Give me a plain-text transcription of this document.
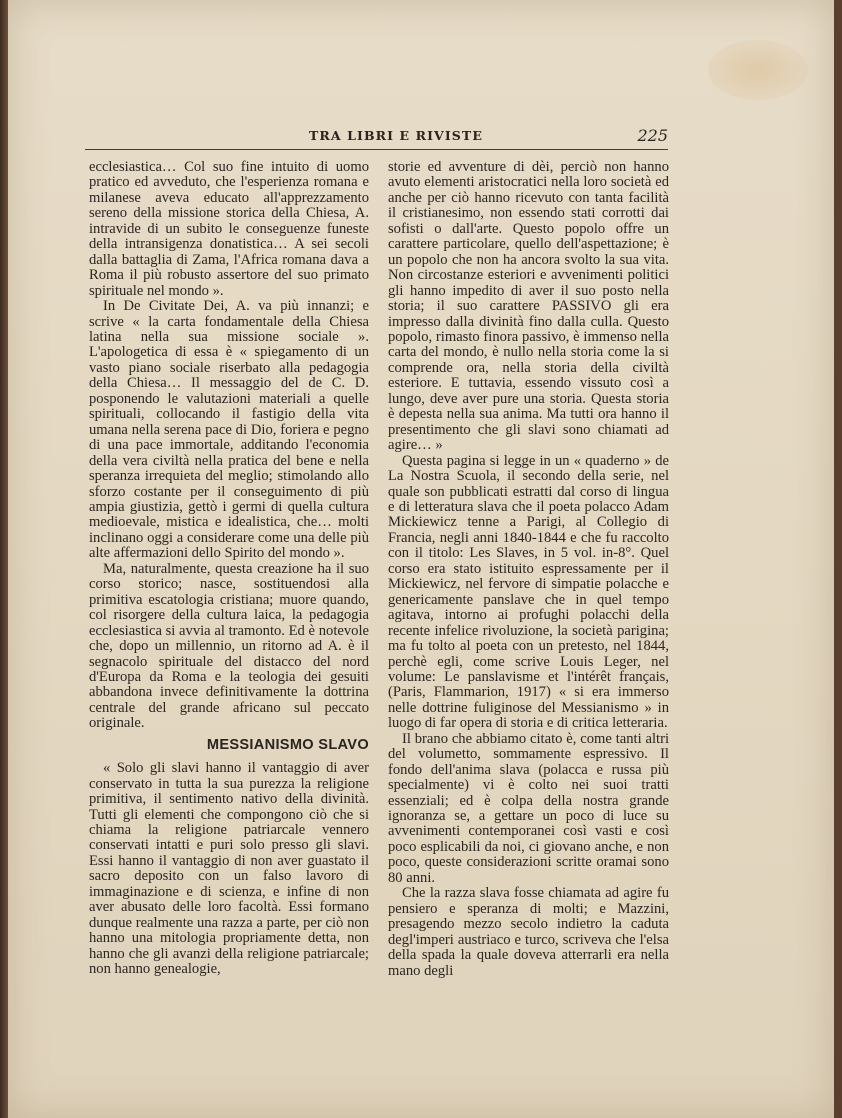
TRA LIBRI E RIVISTE	225

ecclesiastica… Col suo fine intuito di uomo pratico ed avveduto, che l'esperienza romana e milanese aveva educato all'apprezzamento sereno della missione storica della Chiesa, A. intravide di un subito le conseguenze funeste della intransigenza donatistica… A sei secoli dalla battaglia di Zama, l'Africa romana dava a Roma il più robusto assertore del suo primato spirituale nel mondo ».

In De Civitate Dei, A. va più innanzi; e scrive « la carta fondamentale della Chiesa latina nella sua missione sociale ». L'apologetica di essa è « spiegamento di un vasto piano sociale riserbato alla pedagogia della Chiesa… Il messaggio del de C. D. posponendo le valutazioni materiali a quelle spirituali, collocando il fastigio della vita umana nella serena pace di Dio, foriera e pegno di una pace immortale, additando l'economia della vera civiltà nella pratica del bene e nella speranza irrequieta del meglio; stimolando allo sforzo costante per il conseguimento di più ampia giustizia, gettò i germi di quella cultura medioevale, mistica e idealistica, che… molti inclinano oggi a considerare come una delle più alte affermazioni dello Spirito del mondo ».

Ma, naturalmente, questa creazione ha il suo corso storico; nasce, sostituendosi alla primitiva escatologia cristiana; muore quando, col risorgere della cultura laica, la pedagogia ecclesiastica si avvia al tramonto. Ed è notevole che, dopo un millennio, un ritorno ad A. è il segnacolo spirituale del distacco del nord d'Europa da Roma e la teologia dei gesuiti abbandona invece definitivamente la dottrina centrale del grande africano sul peccato originale.

MESSIANISMO SLAVO

« Solo gli slavi hanno il vantaggio di aver conservato in tutta la sua purezza la religione primitiva, il sentimento nativo della divinità. Tutti gli elementi che compongono ciò che si chiama la religione patriarcale vennero conservati intatti e puri solo presso gli slavi. Essi hanno il vantaggio di non aver guastato il sacro deposito con un falso lavoro di immaginazione e di scienza, e infine di non aver abusato delle loro facoltà. Essi formano dunque realmente una razza a parte, per ciò non hanno una mitologia propriamente detta, non hanno che gli avanzi della religione patriarcale; non hanno genealogie,

storie ed avventure di dèi, perciò non hanno avuto elementi aristocratici nella loro società ed anche per ciò hanno ricevuto con tanta facilità il cristianesimo, non essendo stati corrotti dai sofisti o dall'arte. Questo popolo offre un carattere particolare, quello dell'aspettazione; è un popolo che non ha ancora svolto la sua vita. Non circostanze esteriori e avvenimenti politici gli hanno impedito di aver il suo posto nella storia; il suo carattere PASSIVO gli era impresso dalla divinità fino dalla culla. Questo popolo, rimasto finora passivo, è immenso nella carta del mondo, è nullo nella storia come la si comprende ora, nella storia della civiltà esteriore. E tuttavia, essendo vissuto così a lungo, deve aver pure una storia. Questa storia è depesta nella sua anima. Ma tutti ora hanno il presentimento che gli slavi sono chiamati ad agire… »

Questa pagina si legge in un « quaderno » de La Nostra Scuola, il secondo della serie, nel quale son pubblicati estratti dal corso di lingua e di letteratura slava che il poeta polacco Adam Mickiewicz tenne a Parigi, al Collegio di Francia, negli anni 1840-1844 e che fu raccolto con il titolo: Les Slaves, in 5 vol. in-8°. Quel corso era stato istituito espressamente per il Mickiewicz, nel fervore di simpatie polacche e genericamente panslave che in quel tempo agitava, intorno ai profughi polacchi della recente infelice rivoluzione, la società parigina; ma fu tolto al poeta con un pretesto, nel 1844, perchè egli, come scrive Louis Leger, nel volume: Le panslavisme et l'intérêt français, (Paris, Flammarion, 1917) « si era immerso nelle dottrine fuliginose del Messianismo » in luogo di far opera di storia e di critica letteraria.

Il brano che abbiamo citato è, come tanti altri del volumetto, sommamente espressivo. Il fondo dell'anima slava (polacca e russa più specialmente) vi è colto nei suoi tratti essenziali; ed è colpa della nostra grande ignoranza se, a gettare un poco di luce su avvenimenti contemporanei così vasti e così poco esplicabili da noi, ci giovano anche, e non poco, queste considerazioni scritte oramai sono 80 anni.

Che la razza slava fosse chiamata ad agire fu pensiero e speranza di molti; e Mazzini, presagendo mezzo secolo indietro la caduta degl'imperi austriaco e turco, scriveva che l'elsa della spada la quale doveva atterrarli era nella mano degli
